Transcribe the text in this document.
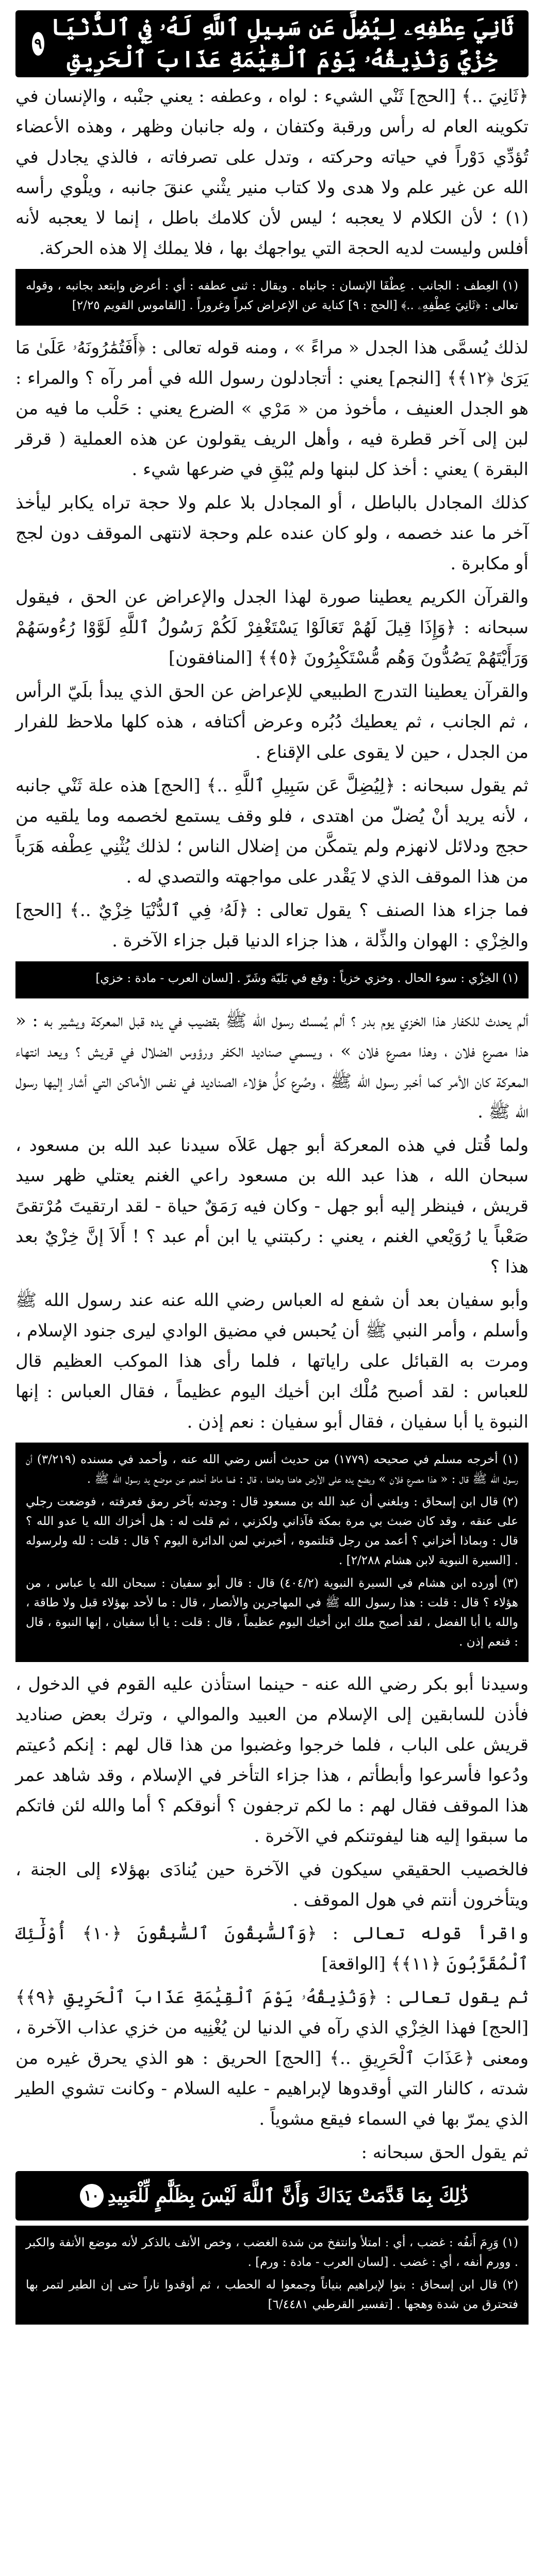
ثَانِيَ عِطْفِهِۦ لِيُضِلَّ عَن سَبِيلِ ٱللَّهِ لَهُۥ فِي ٱلدُّنْيَا خِزْيٌ وَنُذِيقُهُۥ يَوْمَ ٱلْقِيَٰمَةِ عَذَابَ ٱلْحَرِيقِ
٩

﴿ثَانِيَ ..﴾ [الحج] ثَنْي الشيء : لواه ، وعطفه : يعني جنْبه ، والإنسان في تكوينه العام له رأس ورقبة وكتفان ، وله جانبان وظهر ، وهذه الأعضاء تُؤدِّي دَوْراً في حياته وحركته ، وتدل على تصرفاته ، فالذي يجادل في الله عن غير علم ولا هدى ولا كتاب منير يثْني عنقَ جانبه ، ويلْوي رأسه (١) ؛ لأن الكلام لا يعجبه ؛ ليس لأن كلامك باطل ، إنما لا يعجبه لأنه أفلس وليست لديه الحجة التي يواجهك بها ، فلا يملك إلا هذه الحركة.

(١) العِطف : الجانب . عِطْفَا الإنسان : جانباه . ويقال : ثنى عطفه : أي : أعرض وابتعد بجانبه ، وقوله تعالى : ﴿ثَانِيَ عِطْفِهِۦ ..﴾ [الحج : ٩] كناية عن الإعراض كبراً وغروراً . [القاموس القويم ٢/٢٥]

لذلك يُسمَّى هذا الجدل « مراءً » ، ومنه قوله تعالى : ﴿أَفَتُمَٰرُونَهُۥ عَلَىٰ مَا يَرَىٰ ﴿١٢﴾﴾ [النجم] يعني : أتجادلون رسول الله في أمر رآه ؟ والمراء : هو الجدل العنيف ، مأخوذ من « مَرْي » الضرع يعني : حَلْب ما فيه من لبن إلى آخر قطرة فيه ، وأهل الريف يقولون عن هذه العملية ( قرقر البقرة ) يعني : أخذ كل لبنها ولم يُبْقِ في ضرعها شيء .

كذلك المجادل بالباطل ، أو المجادل بلا علم ولا حجة تراه يكابر ليأخذ آخر ما عند خصمه ، ولو كان عنده علم وحجة لانتهى الموقف دون لجج أو مكابرة .

والقرآن الكريم يعطينا صورة لهذا الجدل والإعراض عن الحق ، فيقول سبحانه : ﴿وَإِذَا قِيلَ لَهُمْ تَعَالَوْا يَسْتَغْفِرْ لَكُمْ رَسُولُ ٱللَّهِ لَوَّوْا رُءُوسَهُمْ وَرَأَيْتَهُمْ يَصُدُّونَ وَهُم مُّسْتَكْبِرُونَ ﴿٥﴾﴾ [المنافقون]

والقرآن يعطينا التدرج الطبيعي للإعراض عن الحق الذي يبدأ بلَيّ الرأس ، ثم الجانب ، ثم يعطيك دُبُره وعرض أكتافه ، هذه كلها ملاحظ للفرار من الجدل ، حين لا يقوى على الإقناع .

ثم يقول سبحانه : ﴿لِيُضِلَّ عَن سَبِيلِ ٱللَّهِ ..﴾ [الحج] هذه علة ثَنْي جانبه ، لأنه يريد أنْ يُضلّ من اهتدى ، فلو وقف يستمع لخصمه وما يلقيه من حجج ودلائل لانهزم ولم يتمكَّن من إضلال الناس ؛ لذلك يُثْنِي عِطْفه هَرَباً من هذا الموقف الذي لا يَقْدر على مواجهته والتصدي له .

فما جزاء هذا الصنف ؟ يقول تعالى : ﴿لَهُۥ فِي ٱلدُّنْيَا خِزْيٌ ..﴾ [الحج] والخِزْي : الهوان والذِّلة ، هذا جزاء الدنيا قبل جزاء الآخرة .

(١) الخِزْي : سوء الحال . وخزي خزياً : وقع في بَليّة وشَرّ . [لسان العرب - مادة : خزي]

ألم يحدث للكفار هذا الخزي يوم بدر ؟ ألم يُمسك رسول الله ﷺ بقضيب في يده قبل المعركة ويشير به : « هذا مصرع فلان ، وهذا مصرع فلان » ، ويسمي صناديد الكفر ورؤوس الضلال في قريش ؟ ويعد انتهاء المعركة كان الأمر كما أخبر رسول الله ﷺ ، وصُرع كلُّ هؤلاء الصناديد في نفس الأماكن التي أشار إليها رسول الله ﷺ .

ولما قُتل في هذه المعركة أبو جهل عَلاَه سيدنا عبد الله بن مسعود ، سبحان الله ، هذا عبد الله بن مسعود راعي الغنم يعتلي ظهر سيد قريش ، فينظر إليه أبو جهل - وكان فيه رَمَقٌ حياة - لقد ارتقيتَ مُرْتقىً صَعْباً يا رُوَيْعي الغنم ، يعني : ركبتني يا ابن أم عبد ؟ ! أَلاَ إنَّ خِزْيٌ بعد هذا ؟

وأبو سفيان بعد أن شفع له العباس رضي الله عنه عند رسول الله ﷺ وأسلم ، وأمر النبي ﷺ أن يُحبس في مضيق الوادي ليرى جنود الإسلام ، ومرت به القبائل على راياتها ، فلما رأى هذا الموكب العظيم قال للعباس : لقد أصبح مُلْك ابن أخيك اليوم عظيماً ، فقال العباس : إنها النبوة يا أبا سفيان ، فقال أبو سفيان : نعم إذن .

(١) أخرجه مسلم في صحيحه (١٧٧٩) من حديث أنس رضي الله عنه ، وأحمد في مسنده (٣/٢١٩) أن رسول الله ﷺ قال : « هذا مصرع فلان » ويضع يده على الأرض هاهنا وهاهنا ، قال : فما ماط أحدهم عن موضع يد رسول الله ﷺ .

(٢) قال ابن إسحاق : وبلغني أن عبد الله بن مسعود قال : وجدته بآخر رمق فعرفته ، فوضعت رجلي على عنقه ، وقد كان ضبث بي مرة بمكة فآذاني ولكزني ، ثم قلت له : هل أخزاك الله يا عدو الله ؟ قال : وبماذا أخزاني ؟ أعمد من رجل قتلتموه ، أخبرني لمن الدائرة اليوم ؟ قال : قلت : لله ولرسوله . [السيرة النبوية لابن هشام ٢/٢٨٨] .

(٣) أورده ابن هشام في السيرة النبوية (٤٠٤/٢) قال : قال أبو سفيان : سبحان الله يا عباس ، من هؤلاء ؟ قال : قلت : هذا رسول الله ﷺ في المهاجرين والأنصار ، قال : ما لأحد بهؤلاء قبل ولا طاقة ، والله يا أبا الفضل ، لقد أصبح ملك ابن أخيك اليوم عظيماً ، قال : قلت : يا أبا سفيان ، إنها النبوة ، قال : فنعم إذن .

وسيدنا أبو بكر رضي الله عنه - حينما استأذن عليه القوم في الدخول ، فأذن للسابقين إلى الإسلام من العبيد والموالي ، وترك بعض صناديد قريش على الباب ، فلما خرجوا وغضبوا من هذا قال لهم : إنكم دُعيتم ودُعوا فأسرعوا وأبطأتم ، هذا جزاء التأخر في الإسلام ، وقد شاهد عمر هذا الموقف فقال لهم : ما لكم ترجفون ؟ أنوقكم ؟ أما والله لئن فاتكم ما سبقوا إليه هنا ليفوتنكم في الآخرة .

فالخصيب الحقيقي سيكون في الآخرة حين يُنادَى بهؤلاء إلى الجنة ، ويتأخرون أنتم في هول الموقف .

واقرأ قوله تعالى : ﴿وَٱلسَّٰبِقُونَ ٱلسَّٰبِقُونَ ﴿١٠﴾ أُوْلَٰٓئِكَ ٱلْمُقَرَّبُونَ ﴿١١﴾﴾ [الواقعة]

ثم يقول تعالى : ﴿وَنُذِيقُهُۥ يَوْمَ ٱلْقِيَٰمَةِ عَذَابَ ٱلْحَرِيقِ ﴿٩﴾﴾ [الحج] فهذا الخِزْي الذي رآه في الدنيا لن يُغْنِيه من خزي عذاب الآخرة ، ومعنى ﴿عَذَابَ ٱلْحَرِيقِ ..﴾ [الحج] الحريق : هو الذي يحرق غيره من شدته ، كالنار التي أوقدوها لإبراهيم - عليه السلام - وكانت تشوي الطير الذي يمرّ بها في السماء فيقع مشوياً .

ثم يقول الحق سبحانه :

ذَٰلِكَ بِمَا قَدَّمَتْ يَدَاكَ وَأَنَّ ٱللَّهَ لَيْسَ بِظَلَّٰمٍ لِّلْعَبِيدِ
١٠

(١) وَرِمَ أَنفُه : غضب ، أي : امتلأ وانتفخ من شدة الغضب ، وخص الأنف بالذكر لأنه موضع الأنفة والكبر . وورم أنفه ، أي : غضب . [لسان العرب - مادة : ورم] .

(٢) قال ابن إسحاق : بنوا لإبراهيم بنياناً وجمعوا له الحطب ، ثم أوقدوا ناراً حتى إن الطير لتمر بها فتحترق من شدة وهجها . [تفسير القرطبي ٦/٤٤٨١]
